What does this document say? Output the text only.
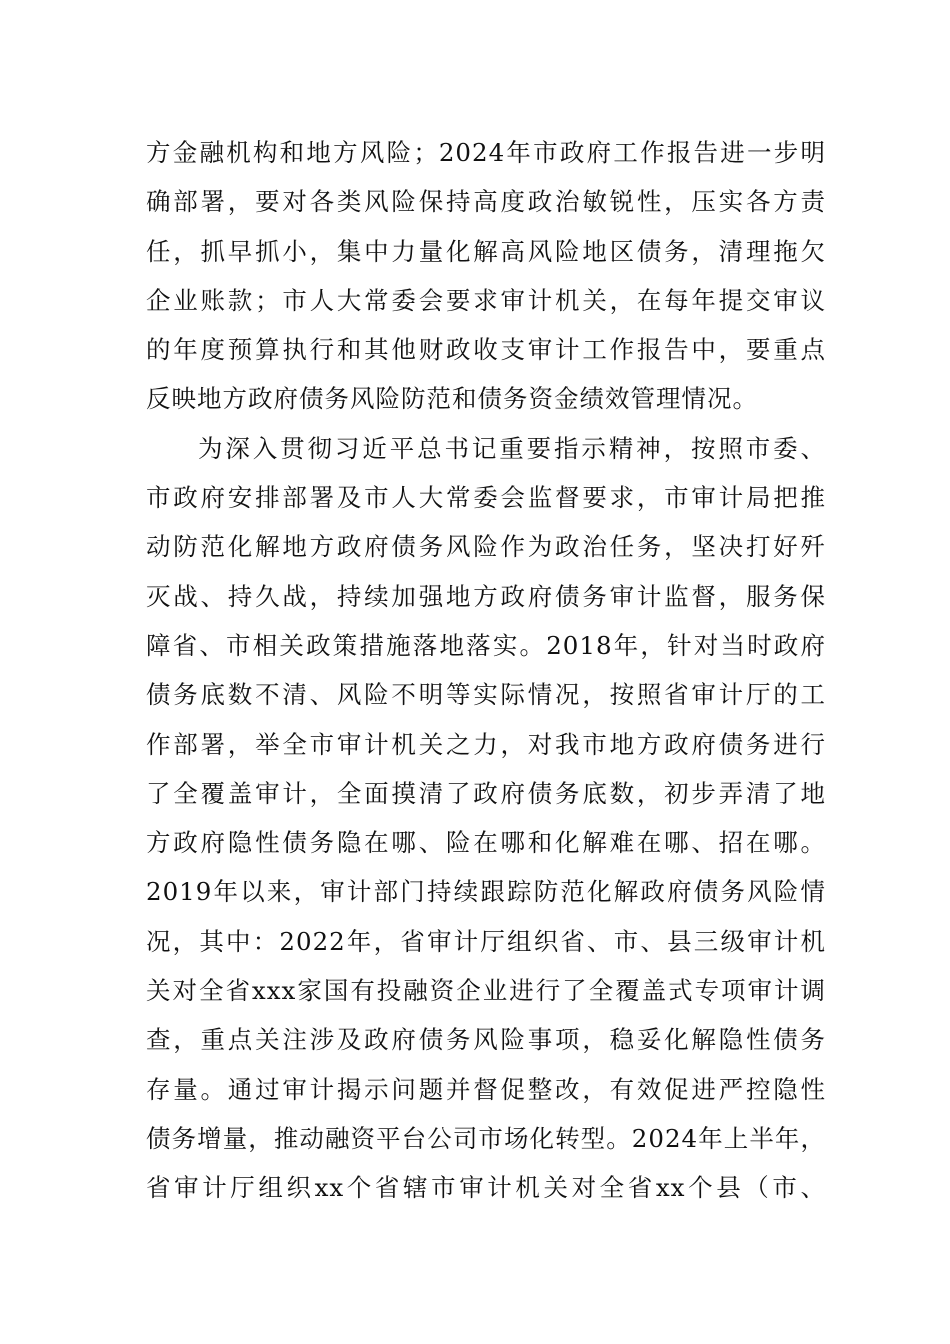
方金融机构和地方风险；2024年市政府工作报告进一步明
确部署，要对各类风险保持高度政治敏锐性，压实各方责
任，抓早抓小，集中力量化解高风险地区债务，清理拖欠
企业账款；市人大常委会要求审计机关，在每年提交审议
的年度预算执行和其他财政收支审计工作报告中，要重点
反映地方政府债务风险防范和债务资金绩效管理情况。
为深入贯彻习近平总书记重要指示精神，按照市委、
市政府安排部署及市人大常委会监督要求，市审计局把推
动防范化解地方政府债务风险作为政治任务，坚决打好歼
灭战、持久战，持续加强地方政府债务审计监督，服务保
障省、市相关政策措施落地落实。2018年，针对当时政府
债务底数不清、风险不明等实际情况，按照省审计厅的工
作部署，举全市审计机关之力，对我市地方政府债务进行
了全覆盖审计，全面摸清了政府债务底数，初步弄清了地
方政府隐性债务隐在哪、险在哪和化解难在哪、招在哪。
2019年以来，审计部门持续跟踪防范化解政府债务风险情
况，其中：2022年，省审计厅组织省、市、县三级审计机
关对全省xxx家国有投融资企业进行了全覆盖式专项审计调
查，重点关注涉及政府债务风险事项，稳妥化解隐性债务
存量。通过审计揭示问题并督促整改，有效促进严控隐性
债务增量，推动融资平台公司市场化转型。2024年上半年，
省审计厅组织xx个省辖市审计机关对全省xx个县（市、
